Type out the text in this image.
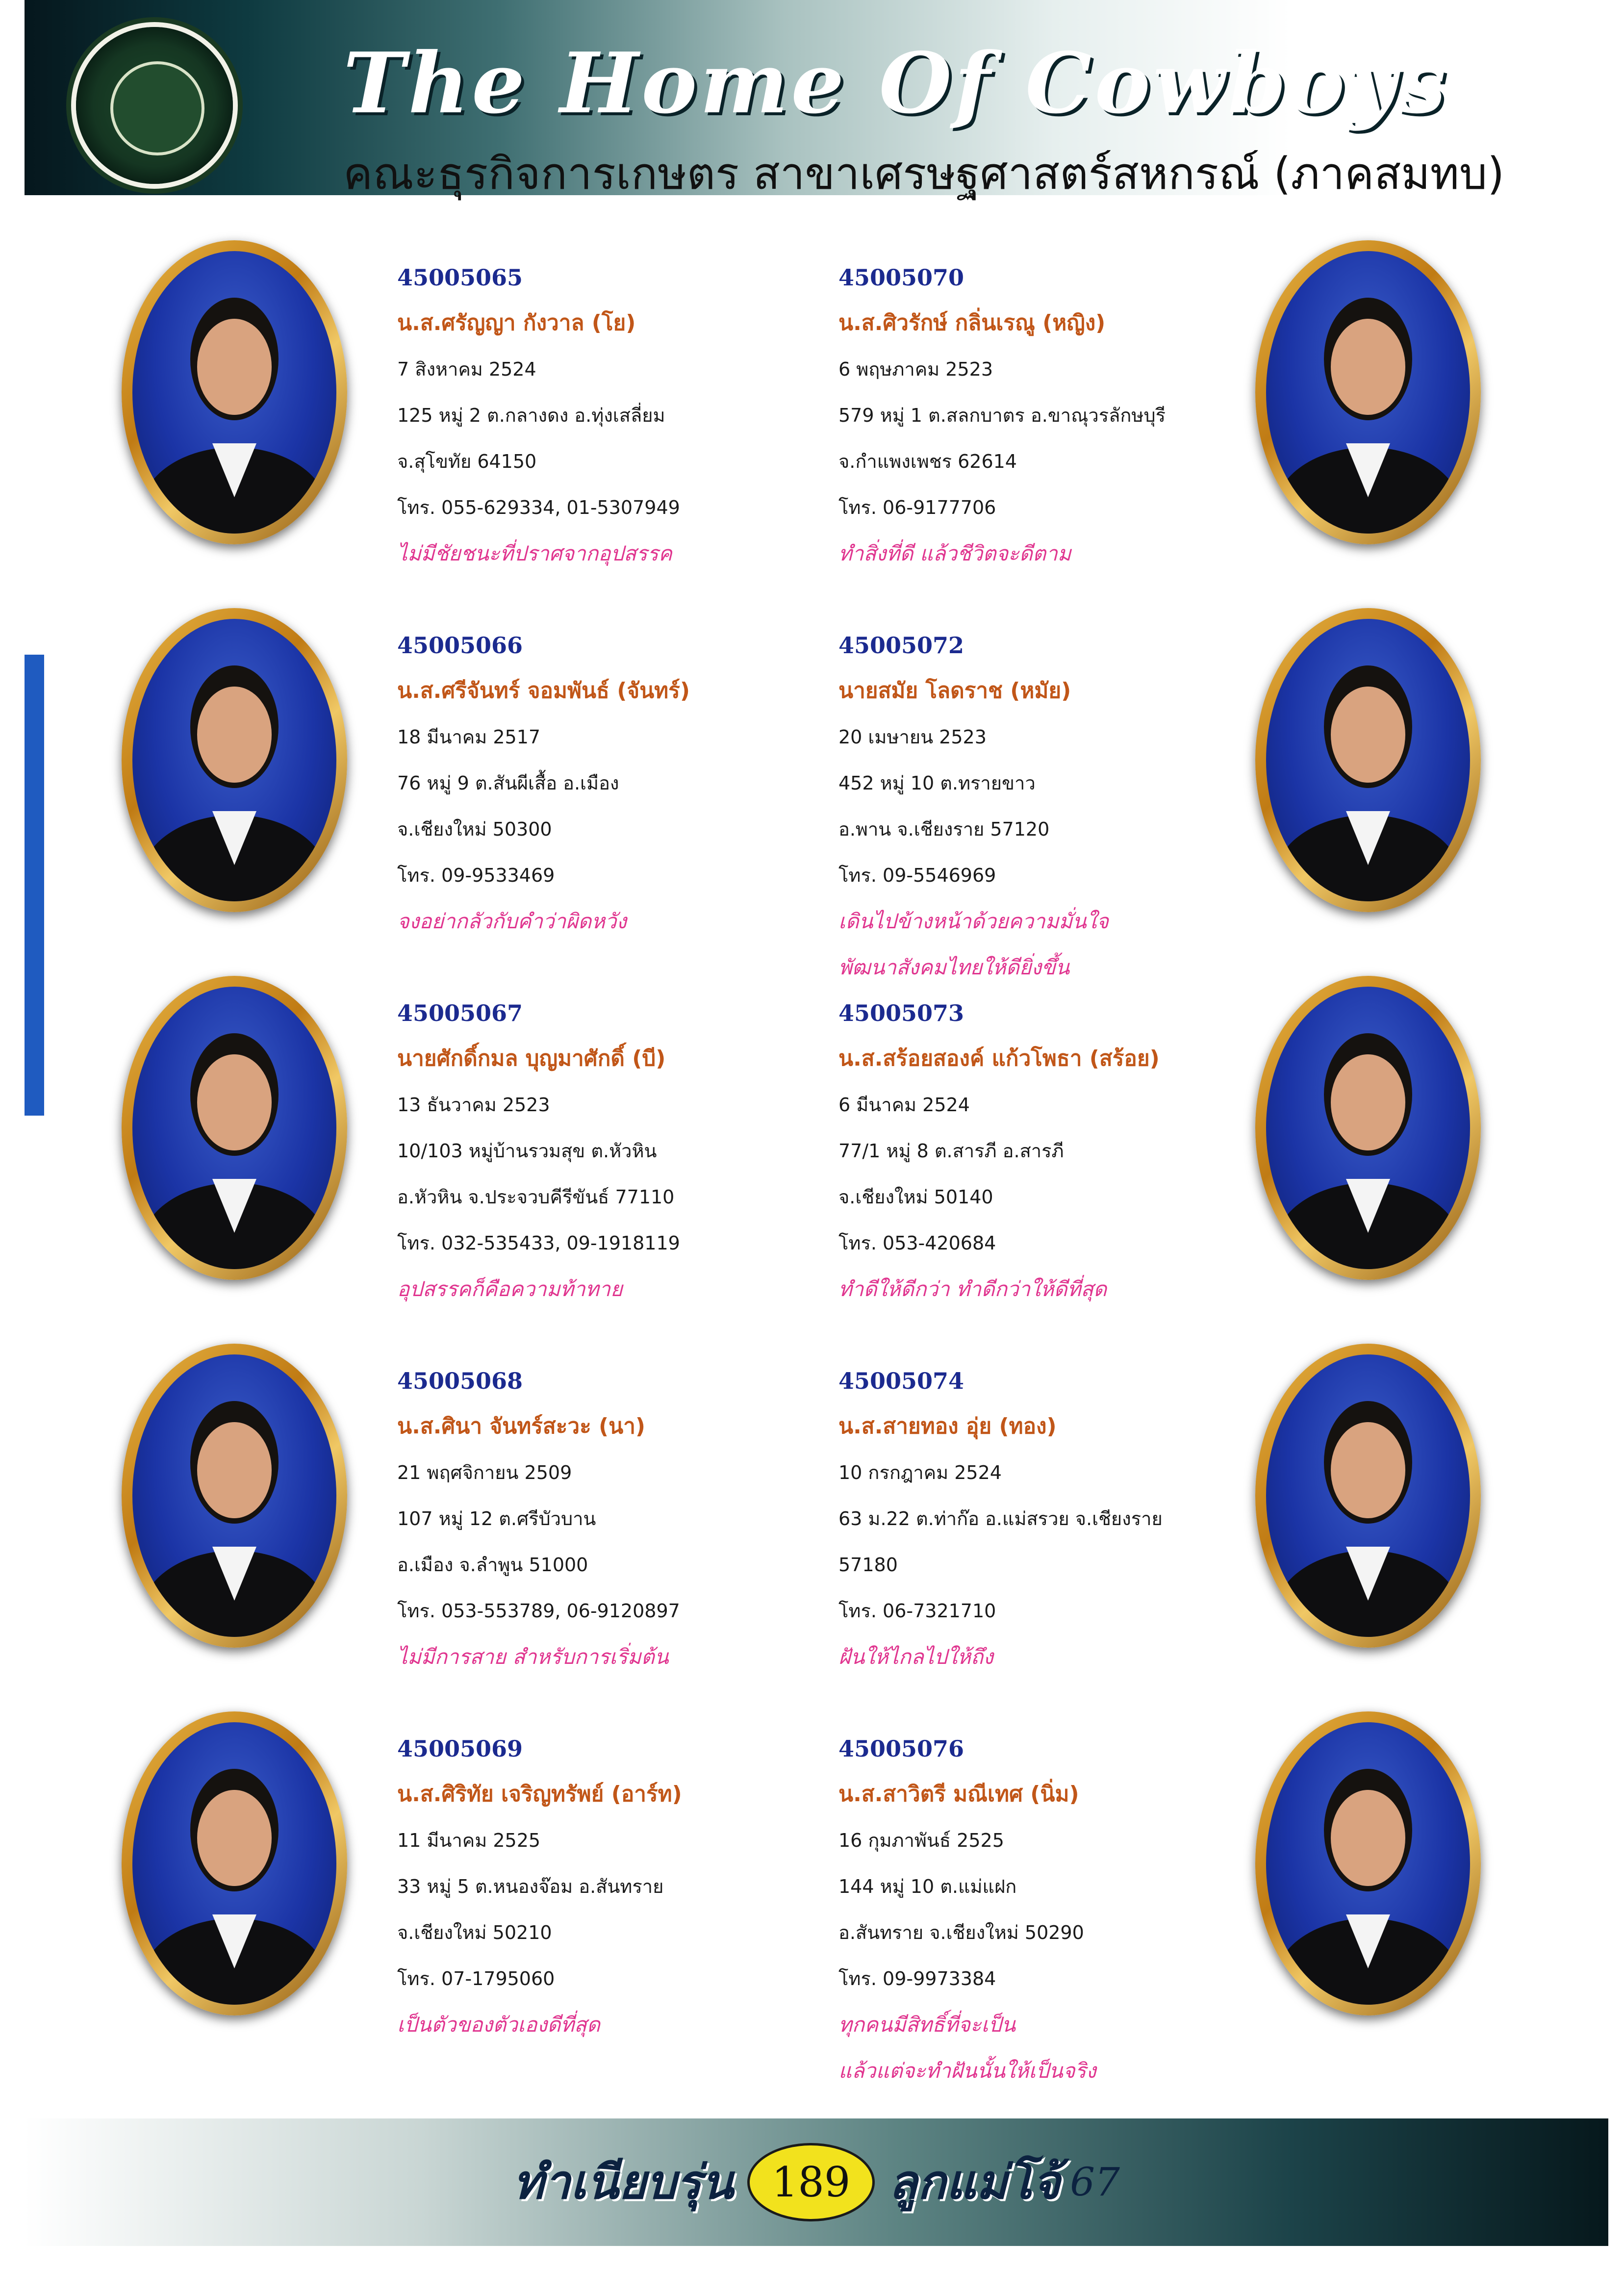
The Home Of Cowboys
คณะธุรกิจการเกษตร สาขาเศรษฐศาสตร์สหกรณ์ (ภาคสมทบ)
45005065
น.ส.ศรัญญา กังวาล (โย)
7 สิงหาคม 2524
125 หมู่ 2 ต.กลางดง อ.ทุ่งเสลี่ยม
จ.สุโขทัย 64150
โทร. 055-629334, 01-5307949
ไม่มีชัยชนะที่ปราศจากอุปสรรค
45005070
น.ส.ศิวรักษ์ กลิ่นเรณู (หญิง)
6 พฤษภาคม 2523
579 หมู่ 1 ต.สลกบาตร อ.ขาณุวรลักษบุรี
จ.กำแพงเพชร 62614
โทร. 06-9177706
ทำสิ่งที่ดี แล้วชีวิตจะดีตาม
45005066
น.ส.ศรีจันทร์ จอมพันธ์ (จันทร์)
18 มีนาคม 2517
76 หมู่ 9 ต.สันผีเสื้อ อ.เมือง
จ.เชียงใหม่ 50300
โทร. 09-9533469
จงอย่ากลัวกับคำว่าผิดหวัง
45005072
นายสมัย โลดราช (หมัย)
20 เมษายน 2523
452 หมู่ 10 ต.ทรายขาว
อ.พาน จ.เชียงราย 57120
โทร. 09-5546969
เดินไปข้างหน้าด้วยความมั่นใจ
พัฒนาสังคมไทยให้ดียิ่งขึ้น
45005067
นายศักดิ์กมล บุญมาศักดิ์ (บี)
13 ธันวาคม 2523
10/103 หมู่บ้านรวมสุข ต.หัวหิน
อ.หัวหิน จ.ประจวบคีรีขันธ์ 77110
โทร. 032-535433, 09-1918119
อุปสรรคก็คือความท้าทาย
45005073
น.ส.สร้อยสองค์ แก้วโพธา (สร้อย)
6 มีนาคม 2524
77/1 หมู่ 8 ต.สารภี อ.สารภี
จ.เชียงใหม่ 50140
โทร. 053-420684
ทำดีให้ดีกว่า ทำดีกว่าให้ดีที่สุด
45005068
น.ส.ศินา จันทร์สะวะ (นา)
21 พฤศจิกายน 2509
107 หมู่ 12 ต.ศรีบัวบาน
อ.เมือง จ.ลำพูน 51000
โทร. 053-553789, 06-9120897
ไม่มีการสาย สำหรับการเริ่มต้น
45005074
น.ส.สายทอง อุ่ย (ทอง)
10 กรกฎาคม 2524
63 ม.22 ต.ท่าก๊อ อ.แม่สรวย จ.เชียงราย
57180
โทร. 06-7321710
ฝันให้ไกลไปให้ถึง
45005069
น.ส.ศิริทัย เจริญทรัพย์ (อาร์ท)
11 มีนาคม 2525
33 หมู่ 5 ต.หนองจ๊อม อ.สันทราย
จ.เชียงใหม่ 50210
โทร. 07-1795060
เป็นตัวของตัวเองดีที่สุด
45005076
น.ส.สาวิตรี มณีเทศ (นิ่ม)
16 กุมภาพันธ์ 2525
144 หมู่ 10 ต.แม่แฝก
อ.สันทราย จ.เชียงใหม่ 50290
โทร. 09-9973384
ทุกคนมีสิทธิ์ที่จะเป็น
แล้วแต่จะทำฝันนั้นให้เป็นจริง
ทำเนียบรุ่น 189 ลูกแม่โจ้ 67
